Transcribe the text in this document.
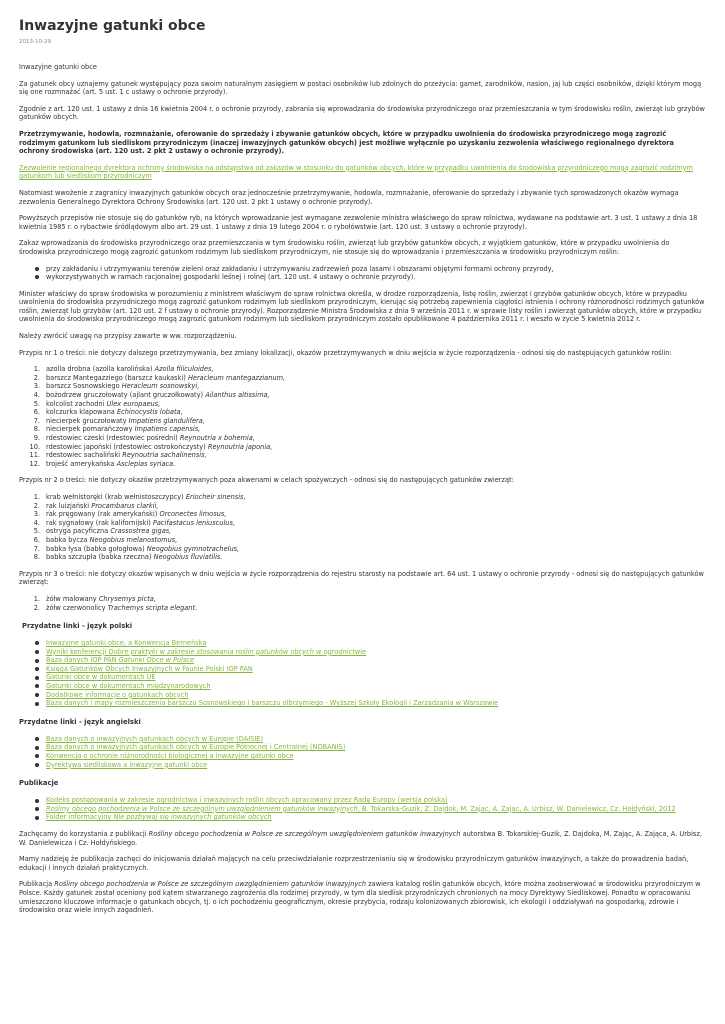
Inwazyjne gatunki obce
2013-10-29

Inwazyjne gatunki obce

Za gatunek obcy uznajemy gatunek występujący poza swoim naturalnym zasięgiem w postaci osobników lub zdolnych do przeżycia: gamet, zarodników, nasion, jaj lub części osobników, dzięki którym mogą się one rozmnażać (art. 5 ust. 1 c ustawy o ochronie przyrody).

Zgodnie z art. 120 ust. 1 ustawy z dnia 16 kwietnia 2004 r. o ochronie przyrody, zabrania się wprowadzania do środowiska przyrodniczego oraz przemieszczania w tym środowisku roślin, zwierząt lub grzybów gatunków obcych.

Przetrzymywanie, hodowla, rozmnażanie, oferowanie do sprzedaży i zbywanie gatunków obcych, które w przypadku uwolnienia do środowiska przyrodniczego mogą zagrozić rodzimym gatunkom lub siedliskom przyrodniczym (inaczej inwazyjnych gatunków obcych) jest możliwe wyłącznie po uzyskaniu zezwolenia właściwego regionalnego dyrektora ochrony środowiska (art. 120 ust. 2 pkt 2 ustawy o ochronie przyrody).

Zezwolenie regionalnego dyrektora ochrony środowiska na odstępstwa od zakazów w stosunku do gatunków obcych, które w przypadku uwolnienia do środowiska przyrodniczego mogą zagrozić rodzimym gatunkom lub siedliskom przyrodniczym

Natomiast wwożenie z zagranicy inwazyjnych gatunków obcych oraz jednocześnie przetrzymywanie, hodowla, rozmnażanie, oferowanie do sprzedaży i zbywanie tych sprowadzonych okazów wymaga zezwolenia Generalnego Dyrektora Ochrony Środowiska (art. 120 ust. 2 pkt 1 ustawy o ochronie przyrody).

Powyższych przepisów nie stosuje się do gatunków ryb, na których wprowadzanie jest wymagane zezwolenie ministra właściwego do spraw rolnictwa, wydawane na podstawie art. 3 ust. 1 ustawy z dnia 18 kwietnia 1985 r. o rybactwie śródlądowym albo art. 29 ust. 1 ustawy z dnia 19 lutego 2004 r. o rybołówstwie (art. 120 ust. 3 ustawy o ochronie przyrody).

Zakaz wprowadzania do środowiska przyrodniczego oraz przemieszczania w tym środowisku roślin, zwierząt lub grzybów gatunków obcych, z wyjątkiem gatunków, które w przypadku uwolnienia do środowiska przyrodniczego mogą zagrozić gatunkom rodzimym lub siedliskom przyrodniczym, nie stosuje się do wprowadzania i przemieszczania w środowisku przyrodniczym roślin:

przy zakładaniu i utrzymywaniu terenów zieleni oraz zakładaniu i utrzymywaniu zadrzewień poza lasami i obszarami objętymi formami ochrony przyrody,
wykorzystywanych w ramach racjonalnej gospodarki leśnej i rolnej (art. 120 ust. 4 ustawy o ochronie przyrody).

Minister właściwy do spraw środowiska w porozumieniu z ministrem właściwym do spraw rolnictwa określa, w drodze rozporządzenia, listę roślin, zwierząt i grzybów gatunków obcych, które w przypadku uwolnienia do środowiska przyrodniczego mogą zagrozić gatunkom rodzimym lub siedliskom przyrodniczym, kierując się potrzebą zapewnienia ciągłości istnienia i ochrony różnorodności rodzimych gatunków roślin, zwierząt lub grzybów (art. 120 ust. 2 f ustawy o ochronie przyrody). Rozporządzenie Ministra Środowiska z dnia 9 września 2011 r. w sprawie listy roślin i zwierząt gatunków obcych, które w przypadku uwolnienia do środowiska przyrodniczego mogą zagrozić gatunkom rodzimym lub siedliskom przyrodniczym zostało opublikowane 4 października 2011 r. i weszło w życie 5 kwietnia 2012 r.

Należy zwrócić uwagę na przypisy zawarte w ww. rozporządzeniu.

Przypis nr 1 o treści: nie dotyczy dalszego przetrzymywania, bez zmiany lokalizacji, okazów przetrzymywanych w dniu wejścia w życie rozporządzenia - odnosi się do następujących gatunków roślin:

1. azolla drobna (azolla karolińska) Azolla filiculoides,
2. barszcz Mantegazziego (barszcz kaukaski) Heracleum mantegazzianum,
3. barszcz Sosnowskiego Heracleum sosnowskyi,
4. bożodrzew gruczołowaty (ajlant gruczołkowaty) Ailanthus altissima,
5. kolcolist zachodni Ulex europaeus,
6. kolczurka klapowana Echinocystis lobata,
7. niecierpek gruczołowaty Impatiens glandulifera,
8. niecierpek pomarańczowy Impatiens capensis,
9. rdestowiec czeski (rdestowiec pośredni) Reynoutria x bohemia,
10. rdestowiec japoński (rdestowiec ostrokończysty) Reynoutria japonia,
11. rdestowiec sachaliński Reynoutria sachalinensis,
12. trojeść amerykańska Asclepias syriaca.

Przypis nr 2 o treści: nie dotyczy okazów przetrzymywanych poza akwenami w celach spożywczych - odnosi się do następujących gatunków zwierząt:

1. krab wełnistoręki (krab wełnistoszczypcy) Eriocheir sinensis,
2. rak luizjański Procambarus clarkii,
3. rak pręgowany (rak amerykański) Orconectes limosus,
4. rak sygnałowy (rak kalifornijski) Pacifastacus leniusculus,
5. ostryga pacyficzna Crassostrea gigas,
6. babka bycza Neogobius melanostomus,
7. babka łysa (babka gołogłowa) Neogobius gymnotrachelus,
8. babka szczupła (babka rzeczna) Neogobius fluviatilis.

Przypis nr 3 o treści: nie dotyczy okazów wpisanych w dniu wejścia w życie rozporządzenia do rejestru starosty na podstawie art. 64 ust. 1 ustawy o ochronie przyrody - odnosi się do następujących gatunków zwierząt:

1. żółw malowany Chrysemys picta,
2. żółw czerwonolicy Trachemys scripta elegant.
Przydatne linki - język polski
Inwazyjne gatunki obce, a Konwencja Berneńska
Wyniki konferencji Dobre praktyki w zakresie stosowania roślin gatunków obcych w ogrodnictwie
Baza danych IOP PAN Gatunki Obce w Polsce
Księga Gatunków Obcych Inwazyjnych w Faunie Polski IOP PAN
Gatunki obce w dokumentach UE
Gatunki obce w dokumentach międzynarodowych
Dodatkowe informacje o gatunkach obcych
Baza danych i mapy rozmieszczenia barszczu Sosnowskiego i barszczu olbrzymiego - Wyższej Szkoły Ekologii i Zarządzania w Warszawie
Przydatne linki - język angielski
Baza danych o inwazyjnych gatunkach obcych w Europie (DAISIE)
Baza danych o inwazyjnych gatunkach obcych w Europie Północnej i Centralnej (NOBANIS)
Konwencja o ochronie różnorodności biologicznej a inwazyjne gatunki obce
Dyrektywa siedliskowa a inwazyjne gatunki obce
Publikacje
Kodeks postępowania w zakresie ogrodnictwa i inwazyjnych roślin obcych opracowany przez Radę Europy (wersja polska)
Rośliny obcego pochodzenia w Polsce ze szczególnym uwzględnieniem gatunków inwazyjnych, B. Tokarska-Guzik, Z. Dajdok, M. Zając, A. Zając, A. Urbisz, W. Danielewicz, Cz. Hołdyński, 2012
Folder informacyjny Nie pozbywaj się inwazyjnych gatunków obcych

Zachęcamy do korzystania z publikacji Rośliny obcego pochodzenia w Polsce ze szczególnym uwzględnieniem gatunków inwazyjnych autorstwa B. Tokarskiej-Guzik, Z. Dajdoka, M. Zając, A. Zająca, A. Urbisz, W. Danielewicza i Cz. Hołdyńskiego.

Mamy nadzieję że publikacja zachęci do inicjowania działań mających na celu przeciwdziałanie rozprzestrzenianiu się w środowisku przyrodniczym gatunków inwazyjnych, a także do prowadzenia badań, edukacji i innych działań praktycznych.

Publikacja Rośliny obcego pochodzenia w Polsce ze szczególnym uwzględnieniem gatunków inwazyjnych zawiera katalog roślin gatunków obcych, które można zaobserwować w środowisku przyrodniczym w Polsce. Każdy gatunek został oceniony pod kątem stwarzanego zagrożenia dla rodzimej przyrody, w tym dla siedlisk przyrodniczych chronionych na mocy Dyrektywy Siedliskowej. Ponadto w opracowaniu umieszczono kluczowe informacje o gatunkach obcych, tj. o ich pochodzeniu geograficznym, okresie przybycia, rodzaju kolonizowanych zbiorowisk, ich ekologii i oddziaływań na gospodarkę, zdrowie i środowisko oraz wiele innych zagadnień.
